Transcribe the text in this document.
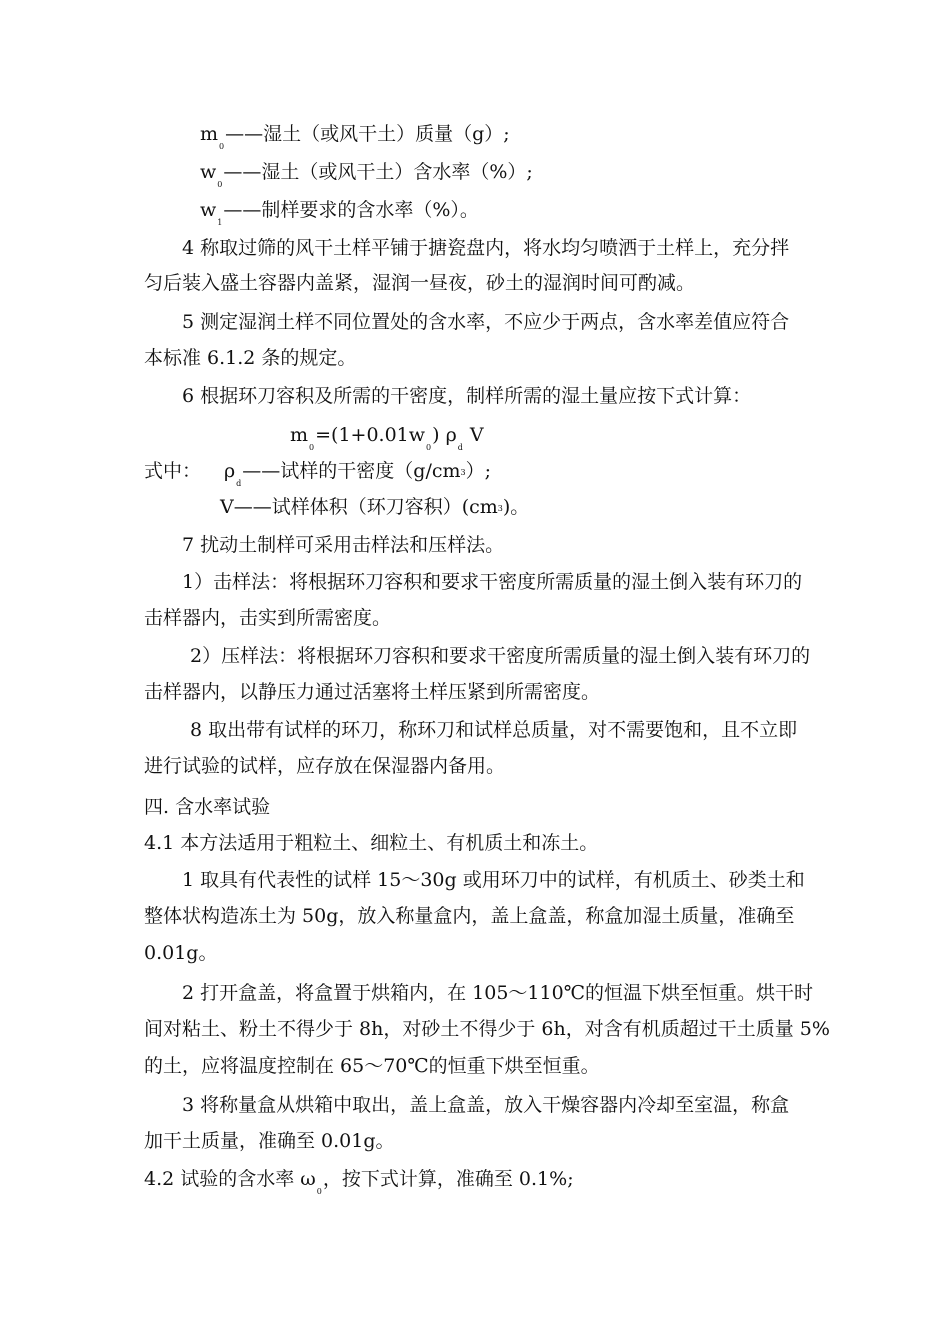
$m_0——$湿土（或风干土）质量（g）;
$w_0——$湿土（或风干土）含水率（%）;
$w_1——$制样要求的含水率（%）。
4 称取过筛的风干土样平铺于搪瓷盘内，将水均匀喷洒于土样上，充分拌
匀后装入盛土容器内盖紧，湿润一昼夜，砂土的湿润时间可酌减。
5 测定湿润土样不同位置处的含水率，不应少于两点，含水率差值应符合
本标准 6.1.2 条的规定。
6 根据环刀容积及所需的干密度，制样所需的湿土量应按下式计算：
$m_0=(1+0.01w_0)$ $\rho_d$ V
式中： $\rho_d——$试样的干密度（g/cm3）;
V——试样体积（环刀容积）(cm3)。
7 扰动土制样可采用击样法和压样法。
1）击样法：将根据环刀容积和要求干密度所需质量的湿土倒入装有环刀的
击样器内，击实到所需密度。
2）压样法：将根据环刀容积和要求干密度所需质量的湿土倒入装有环刀的
击样器内，以静压力通过活塞将土样压紧到所需密度。
8 取出带有试样的环刀，称环刀和试样总质量，对不需要饱和，且不立即
进行试验的试样，应存放在保湿器内备用。
四. 含水率试验
4.1 本方法适用于粗粒土、细粒土、有机质土和冻土。
1 取具有代表性的试样 15～30g 或用环刀中的试样，有机质土、砂类土和
整体状构造冻土为 50g，放入称量盒内，盖上盒盖，称盒加湿土质量，准确至
0.01g。
2 打开盒盖，将盒置于烘箱内，在 105～110℃的恒温下烘至恒重。烘干时
间对粘土、粉土不得少于 8h，对砂土不得少于 6h，对含有机质超过干土质量 5%
的土，应将温度控制在 65～70℃的恒重下烘至恒重。
3 将称量盒从烘箱中取出，盖上盒盖，放入干燥容器内冷却至室温，称盒
加干土质量，准确至 0.01g。
4.2 试验的含水率 $\omega_0$，按下式计算，准确至 0.1%;
